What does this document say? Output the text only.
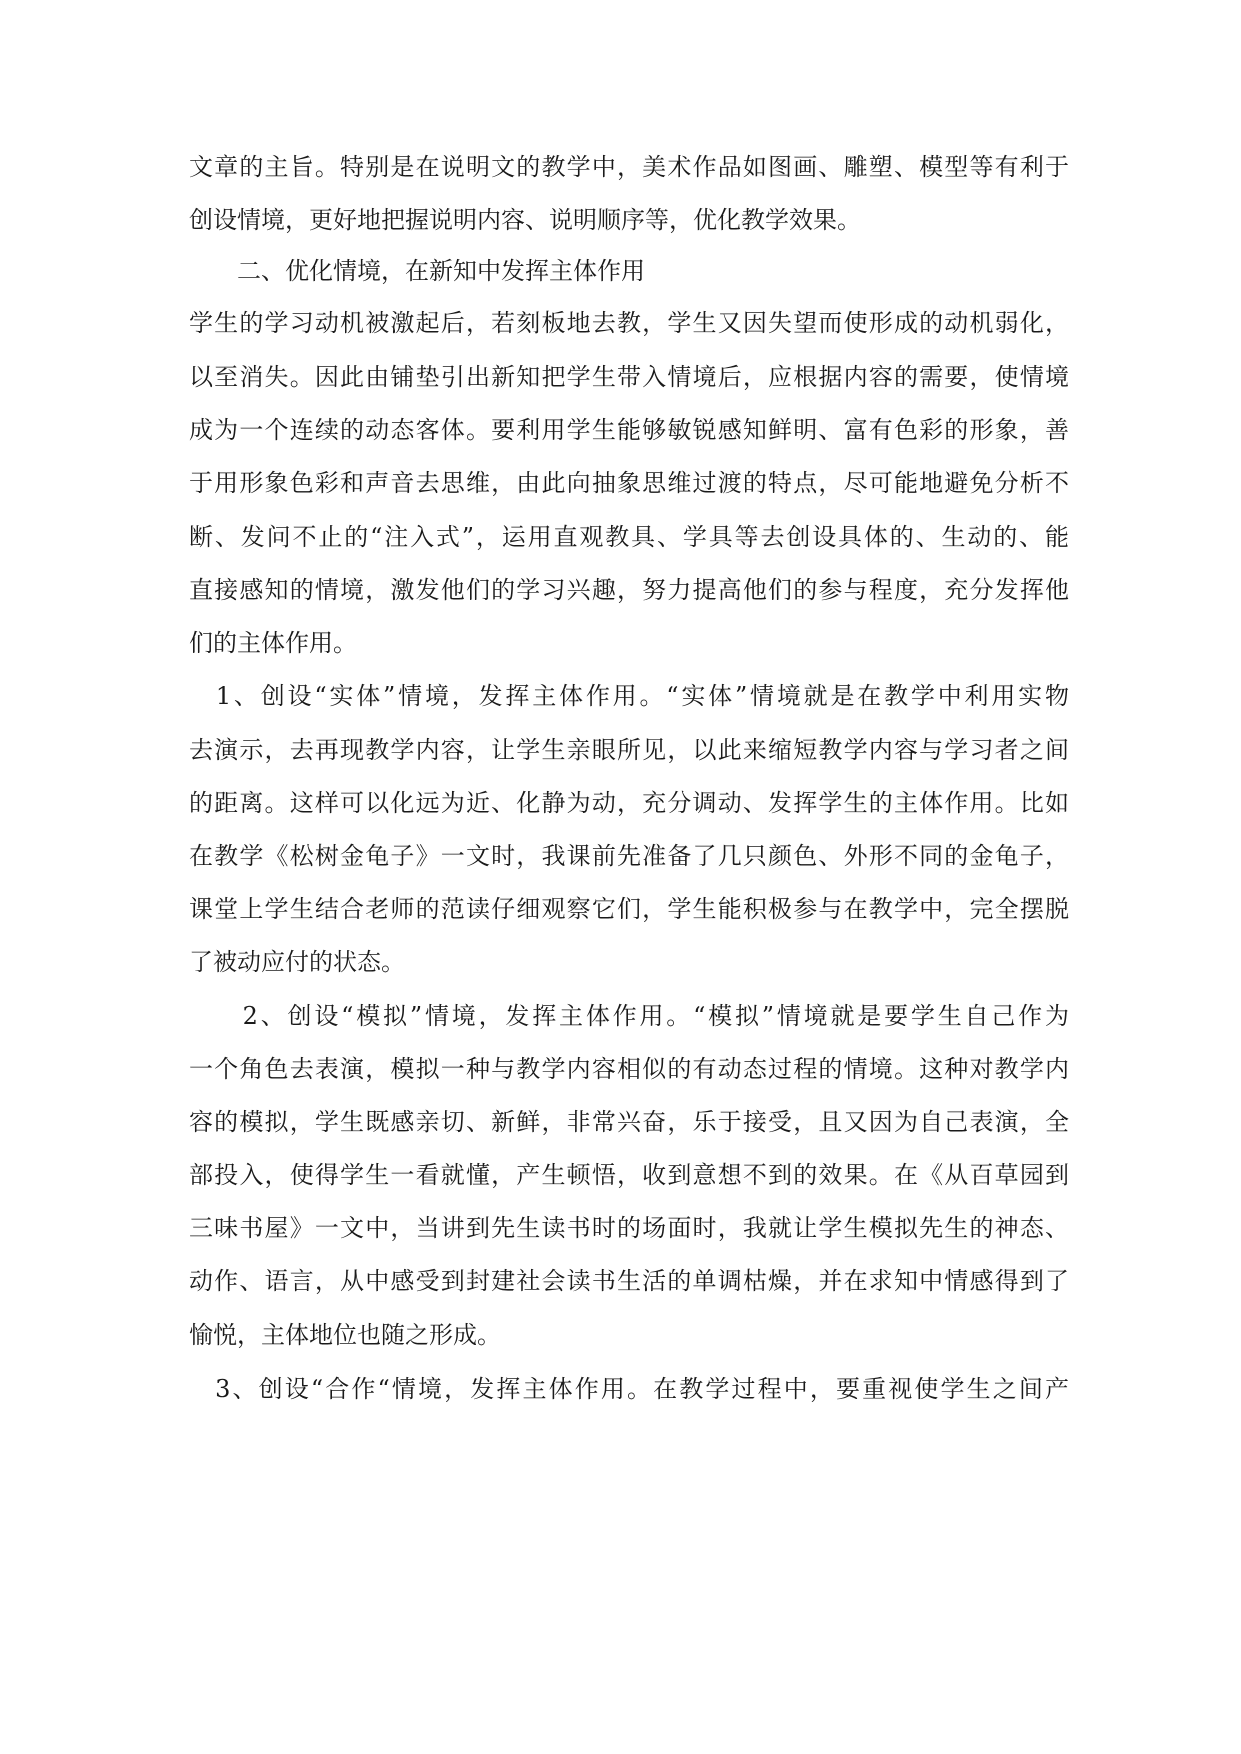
文章的主旨。特别是在说明文的教学中，美术作品如图画、雕塑、模型等有利于
创设情境，更好地把握说明内容、说明顺序等，优化教学效果。
　　二、优化情境，在新知中发挥主体作用
学生的学习动机被激起后，若刻板地去教，学生又因失望而使形成的动机弱化，
以至消失。因此由铺垫引出新知把学生带入情境后，应根据内容的需要，使情境
成为一个连续的动态客体。要利用学生能够敏锐感知鲜明、富有色彩的形象，善
于用形象色彩和声音去思维，由此向抽象思维过渡的特点，尽可能地避免分析不
断、发问不止的“注入式”，运用直观教具、学具等去创设具体的、生动的、能
直接感知的情境，激发他们的学习兴趣，努力提高他们的参与程度，充分发挥他
们的主体作用。
　1、创设“实体”情境，发挥主体作用。“实体”情境就是在教学中利用实物
去演示，去再现教学内容，让学生亲眼所见，以此来缩短教学内容与学习者之间
的距离。这样可以化远为近、化静为动，充分调动、发挥学生的主体作用。比如
在教学《松树金龟子》一文时，我课前先准备了几只颜色、外形不同的金龟子，
课堂上学生结合老师的范读仔细观察它们，学生能积极参与在教学中，完全摆脱
了被动应付的状态。
　　2、创设“模拟”情境，发挥主体作用。“模拟”情境就是要学生自己作为
一个角色去表演，模拟一种与教学内容相似的有动态过程的情境。这种对教学内
容的模拟，学生既感亲切、新鲜，非常兴奋，乐于接受，且又因为自己表演，全
部投入，使得学生一看就懂，产生顿悟，收到意想不到的效果。在《从百草园到
三味书屋》一文中，当讲到先生读书时的场面时，我就让学生模拟先生的神态、
动作、语言，从中感受到封建社会读书生活的单调枯燥，并在求知中情感得到了
愉悦，主体地位也随之形成。
　3、创设“合作“情境，发挥主体作用。在教学过程中，要重视使学生之间产
